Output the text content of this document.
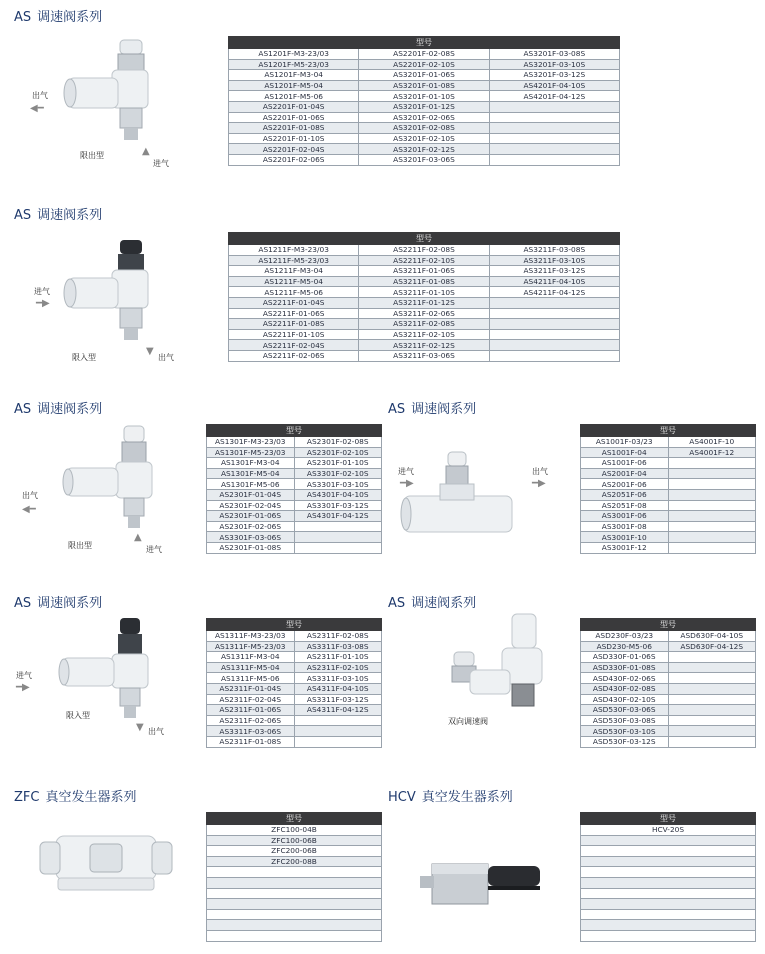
AS 调速阀系列
出气
◀━
限出型	▲
进气
型号		
AS1201F-M3-23/03	AS2201F-02-08S	AS3201F-03-08S
AS1201F-M5-23/03	AS2201F-02-10S	AS3201F-03-10S
AS1201F-M3-04	AS3201F-01-06S	AS3201F-03-12S
AS1201F-M5-04	AS3201F-01-08S	AS4201F-04-10S
AS1201F-M5-06	AS3201F-01-10S	AS4201F-04-12S
AS2201F-01-04S	AS3201F-01-12S	
AS2201F-01-06S	AS3201F-02-06S	
AS2201F-01-08S	AS3201F-02-08S	
AS2201F-01-10S	AS3201F-02-10S	
AS2201F-02-04S	AS3201F-02-12S	
AS2201F-02-06S	AS3201F-03-06S	
AS 调速阀系列
进气
━▶
限入型
▼
出气
型号		
AS1211F-M3-23/03	AS2211F-02-08S	AS3211F-03-08S
AS1211F-M5-23/03	AS2211F-02-10S	AS3211F-03-10S
AS1211F-M3-04	AS3211F-01-06S	AS3211F-03-12S
AS1211F-M5-04	AS3211F-01-08S	AS4211F-04-10S
AS1211F-M5-06	AS3211F-01-10S	AS4211F-04-12S
AS2211F-01-04S	AS3211F-01-12S	
AS2211F-01-06S	AS3211F-02-06S	
AS2211F-01-08S	AS3211F-02-08S	
AS2211F-01-10S	AS3211F-02-10S	
AS2211F-02-04S	AS3211F-02-12S	
AS2211F-02-06S	AS3211F-03-06S	
AS 调速阀系列
出气
◀━
限出型
▲
进气
型号	
AS1301F-M3-23/03	AS2301F-02-08S
AS1301F-M5-23/03	AS2301F-02-10S
AS1301F-M3-04	AS2301F-01-10S
AS1301F-M5-04	AS3301F-02-10S
AS1301F-M5-06	AS3301F-03-10S
AS2301F-01-04S	AS4301F-04-10S
AS2301F-02-04S	AS3301F-03-12S
AS2301F-01-06S	AS4301F-04-12S
AS2301F-02-06S	
AS3301F-03-06S	
AS2301F-01-08S	
AS 调速阀系列
进气
━▶
出气
━▶
型号	
AS1001F-03/23	AS4001F-10
AS1001F-04	AS4001F-12
AS1001F-06	
AS2001F-04	
AS2001F-06	
AS2051F-06	
AS2051F-08	
AS3001F-06	
AS3001F-08	
AS3001F-10	
AS3001F-12	
AS 调速阀系列
进气
━▶
限入型
▼ 出气
型号	
AS1311F-M3-23/03	AS2311F-02-08S
AS1311F-M5-23/03	AS3311F-03-08S
AS1311F-M3-04	AS2311F-01-10S
AS1311F-M5-04	AS2311F-02-10S
AS1311F-M5-06	AS3311F-03-10S
AS2311F-01-04S	AS4311F-04-10S
AS2311F-02-04S	AS3311F-03-12S
AS2311F-01-06S	AS4311F-04-12S
AS2311F-02-06S	
AS3311F-03-06S	
AS2311F-01-08S	
AS 调速阀系列
双向调速阀
型号	
ASD230F-03/23	ASD630F-04-10S
ASD230-M5-06	ASD630F-04-12S
ASD330F-01-06S	
ASD330F-01-08S	
ASD430F-02-06S	
ASD430F-02-08S	
ASD430F-02-10S	
ASD530F-03-06S	
ASD530F-03-08S	
ASD530F-03-10S	
ASD530F-03-12S	
ZFC 真空发生器系列
型号
ZFC100-04B
ZFC100-06B
ZFC200-06B
ZFC200-08B

HCV 真空发生器系列
型号
HCV-20S
